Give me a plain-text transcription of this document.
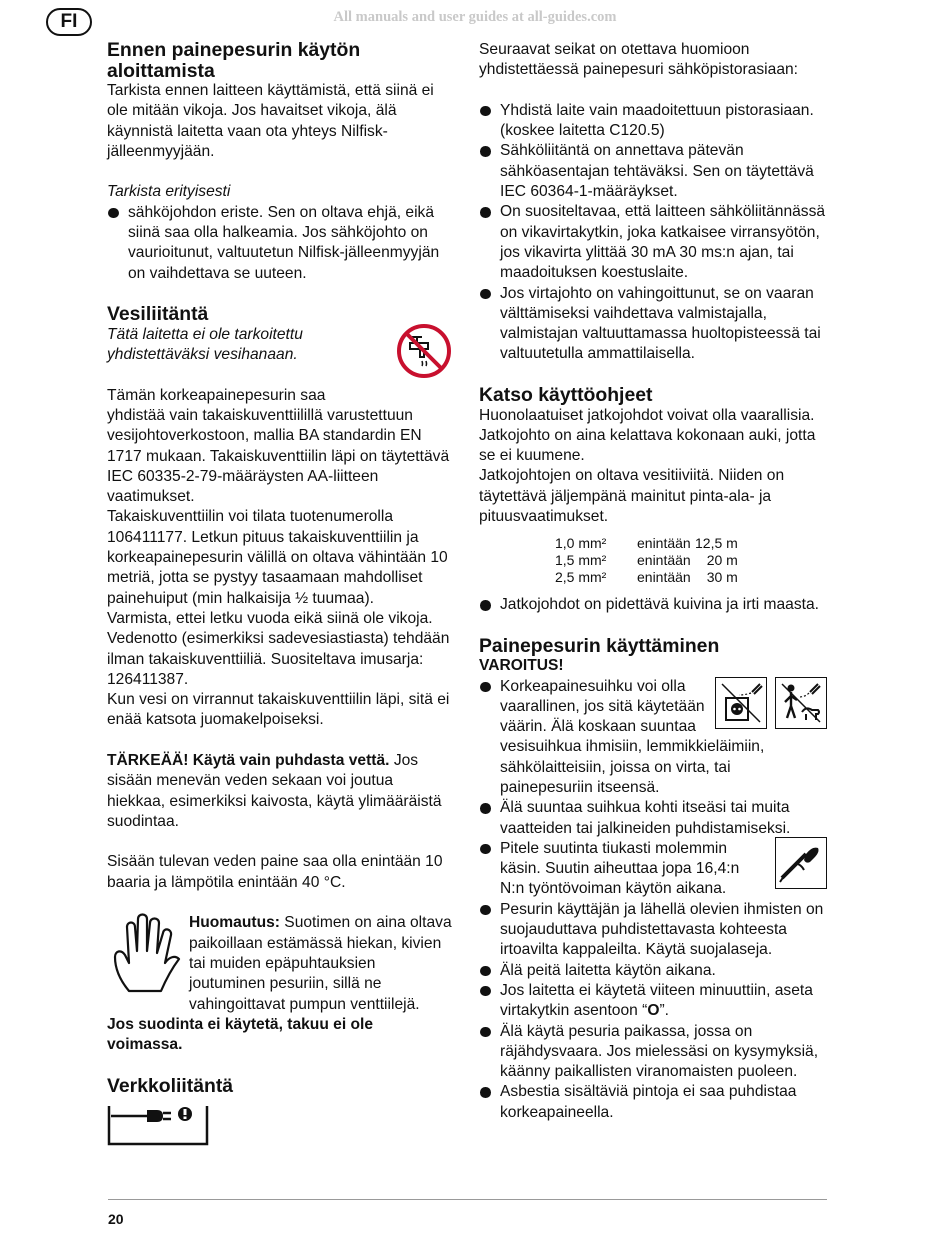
All manuals and user guides at all-guides.com
FI
Ennen painepesurin käytön aloittamista

Tarkista ennen laitteen käyttämistä, että siinä ei ole mitään vikoja. Jos havaitset vikoja, älä käynnistä laitetta vaan ota yhteys Nilfisk-jälleenmyyjään.

Tarkista erityisesti

sähköjohdon eriste. Sen on oltava ehjä, eikä siinä saa olla halkeamia. Jos sähköjohto on vaurioitunut, valtuutetun Nilfisk-jälleenmyyjän on vaihdettava se uuteen.
Vesiliitäntä

Tätä laitetta ei ole tarkoitettu yhdistettäväksi vesihanaan.

Tämän korkeapainepesurin saa yhdistää vain takaiskuventtiilillä varustettuun vesijohtoverkostoon, mallia BA standardin EN 1717 mukaan. Takaiskuventtiilin läpi on täytettävä IEC 60335-2-79-määräysten AA-liitteen vaatimukset.

Takaiskuventtiilin voi tilata tuotenumerolla 106411177. Letkun pituus takaiskuventtiilin ja korkeapainepesurin välillä on oltava vähintään 10 metriä, jotta se pystyy tasaamaan mahdolliset painehuiput (min halkaisija ½ tuumaa).

Varmista, ettei letku vuoda eikä siinä ole vikoja.

Vedenotto (esimerkiksi sadevesiastiasta) tehdään ilman takaiskuventtiiliä. Suositeltava imusarja: 126411387.

Kun vesi on virrannut takaiskuventtiilin läpi, sitä ei enää katsota juomakelpoiseksi.

TÄRKEÄÄ! Käytä vain puhdasta vettä. Jos sisään menevän veden sekaan voi joutua hiekkaa, esimerkiksi kaivosta, käytä ylimääräistä suodintaa.

Sisään tulevan veden paine saa olla enintään 10 baaria ja lämpötila enintään 40 °C.

Huomautus: Suotimen on aina oltava paikoillaan estämässä hiekan, kivien tai muiden epäpuhtauksien joutuminen pesuriin, sillä ne vahingoittavat pumpun venttiilejä.

Jos suodinta ei käytetä, takuu ei ole voimassa.

Verkkoliitäntä

Seuraavat seikat on otettava huomioon yhdistettäessä painepesuri sähköpistorasiaan:

Yhdistä laite vain maadoitettuun pistorasiaan. (koskee laitetta C120.5)
Sähköliitäntä on annettava pätevän sähköasentajan tehtäväksi. Sen on täytettävä IEC 60364-1-määräykset.
On suositeltavaa, että laitteen sähköliitännässä on vikavirtakytkin, joka katkaisee virransyötön, jos vikavirta ylittää 30 mA 30 ms:n ajan, tai maadoituksen koestuslaite.
Jos virtajohto on vahingoittunut, se on vaaran välttämiseksi vaihdettava valmistajalla, valmistajan valtuuttamassa huoltopisteessä tai valtuutetulla ammattilaisella.
Katso käyttöohjeet

Huonolaatuiset jatkojohdot voivat olla vaarallisia. Jatkojohto on aina kelattava kokonaan auki, jotta se ei kuumene.

Jatkojohtojen on oltava vesitiiviitä. Niiden on täytettävä jäljempänä mainitut pinta-ala- ja pituusvaatimukset.

1,0 mm²	enintään	12,5 m
1,5 mm²	enintään	20 m
2,5 mm²	enintään	30 m
Jatkojohdot on pidettävä kuivina ja irti maasta.
Painepesurin käyttäminen

VAROITUS!

Korkeapainesuihku voi olla vaarallinen, jos sitä käytetään väärin. Älä koskaan suuntaa vesisuihkua ihmisiin, lemmikkieläimiin, sähkölaitteisiin, joissa on virta, tai painepesuriin itseensä.
Älä suuntaa suihkua kohti itseäsi tai muita vaatteiden tai jalkineiden puhdistamiseksi.
Pitele suutinta tiukasti molemmin käsin. Suutin aiheuttaa jopa 16,4:n N:n työntövoiman käytön aikana.
Pesurin käyttäjän ja lähellä olevien ihmisten on suojauduttava puhdistettavasta kohteesta irtoavilta kappaleilta. Käytä suojalaseja.
Älä peitä laitetta käytön aikana.
Jos laitetta ei käytetä viiteen minuuttiin, aseta virtakytkin asentoon “O”.
Älä käytä pesuria paikassa, jossa on räjähdysvaara. Jos mielessäsi on kysymyksiä, käänny paikallisten viranomaisten puoleen.
Asbestia sisältäviä pintoja ei saa puhdistaa korkeapaineella.
20
